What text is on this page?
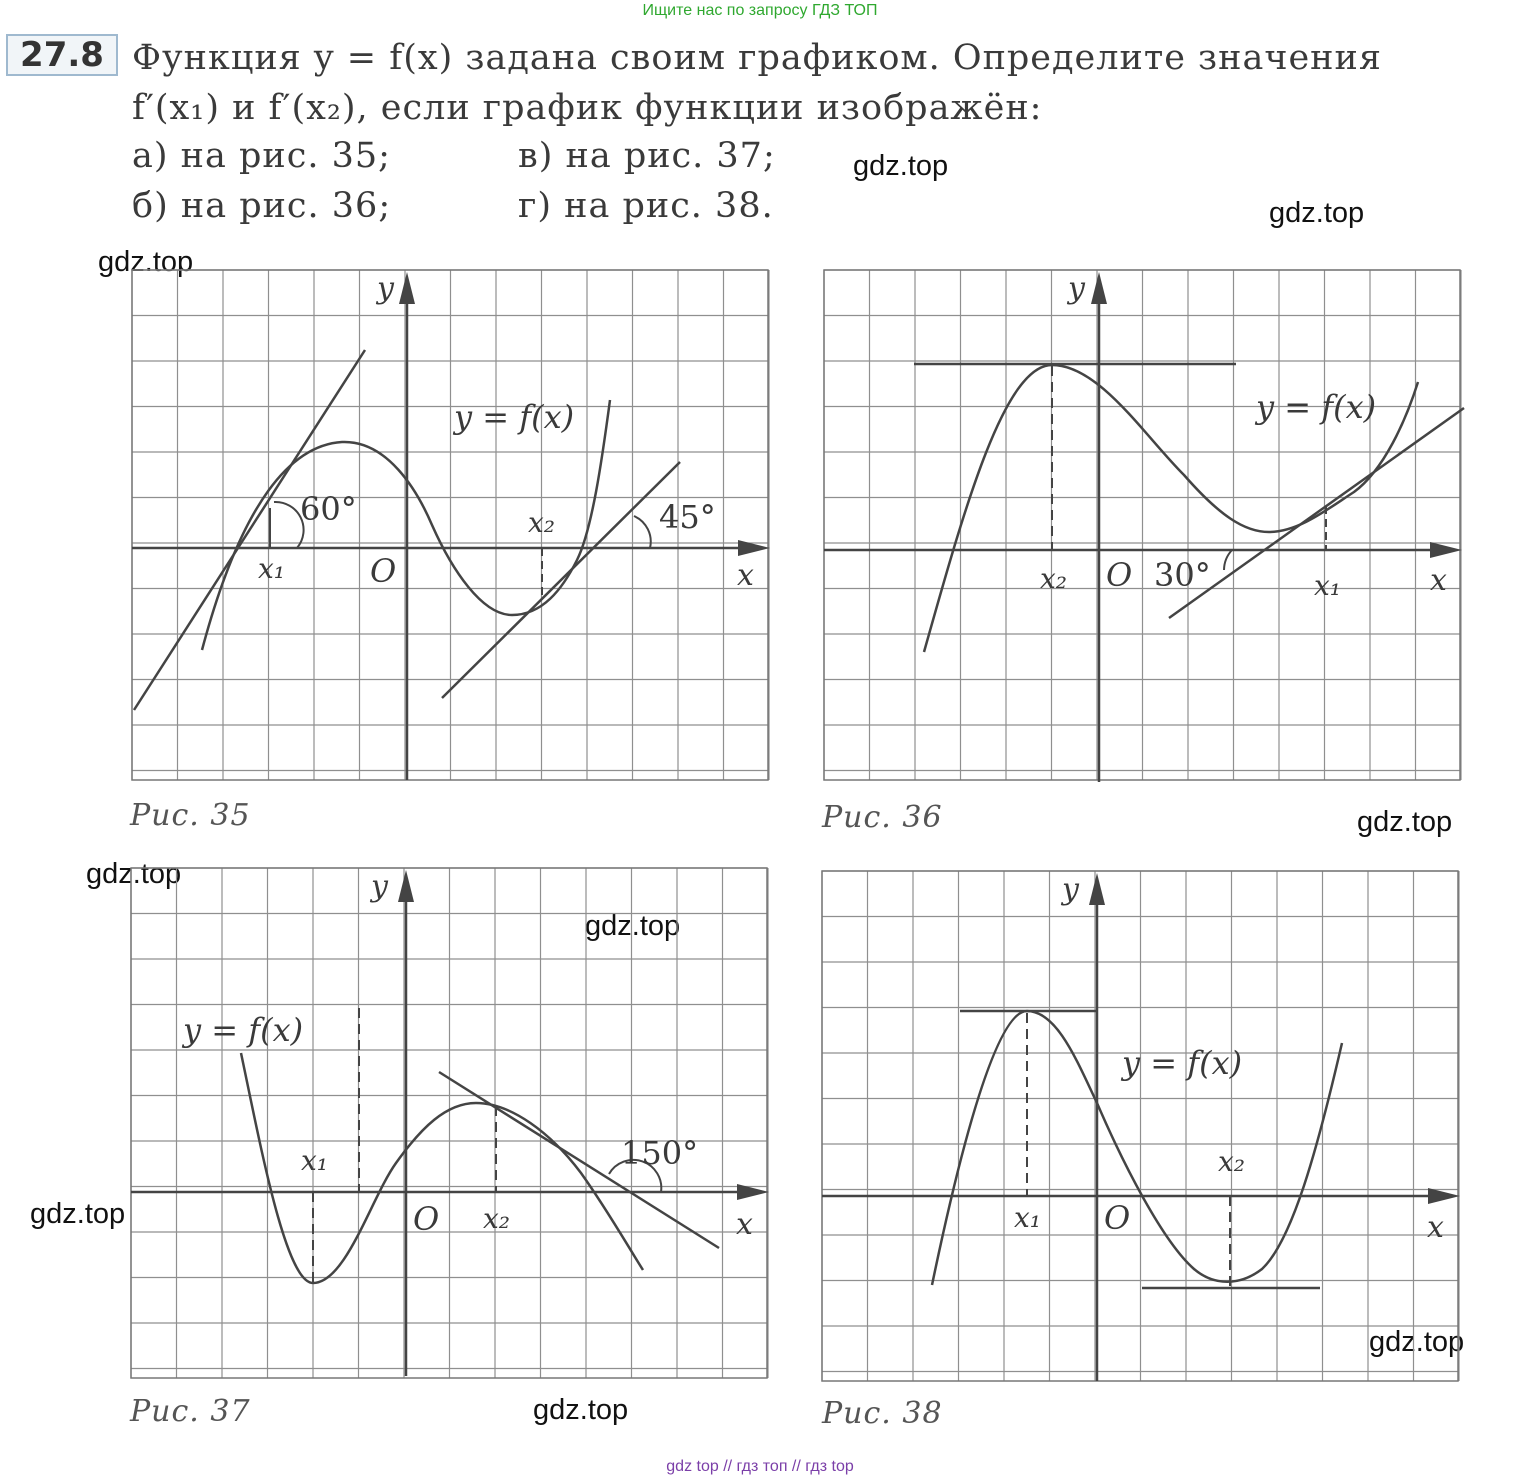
Ищите нас по запросу ГДЗ ТОП
27.8 Функция y = f(x) задана своим графиком. Определите значения
f′(x₁) и f′(x₂), если график функции изображён:
а) на рис. 35;	в) на рис. 37;
б) на рис. 36;	г) на рис. 38.
gdz.top
gdz.top
gdz.top
gdz.top
gdz.top
gdz.top
gdz.top
gdz.top
gdz.top
60°	45°
x₁
x₂
O	x
y
y = f(x)
Рис. 35
30°	x₁
x₂ O	x
y
y = f(x)
Рис. 36
150°
x₁
x₂
O	x
y
y = f(x)
Рис. 37
x₁
x₂
O	x
y
y = f(x)
Рис. 38
gdz top // гдз топ // гдз top
